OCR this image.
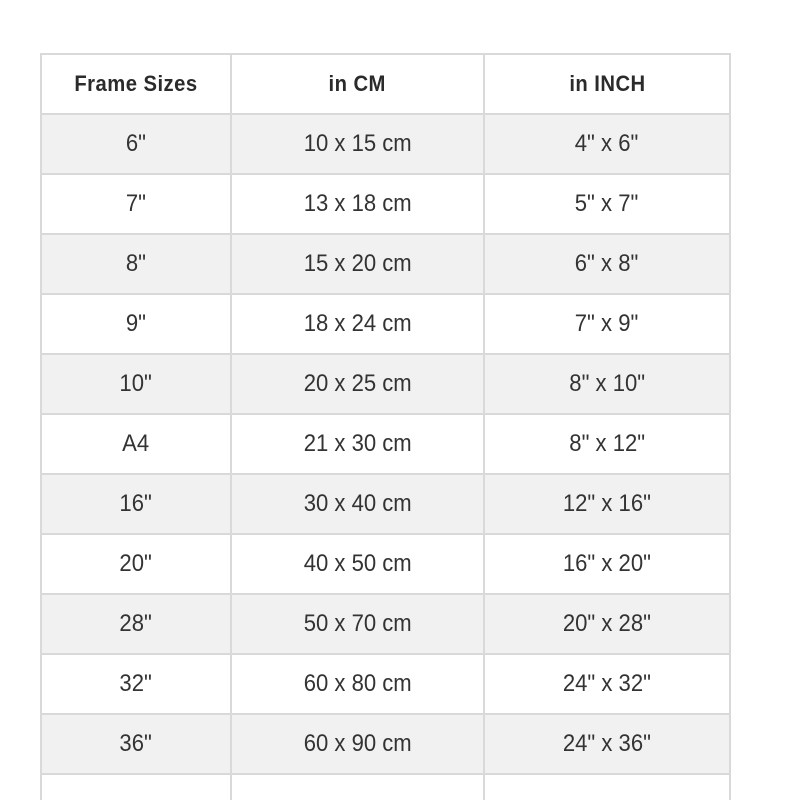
Frame Sizes	in CM	in INCH
6"	10 x 15 cm	4" x 6"
7"	13 x 18 cm	5" x 7"
8"	15 x 20 cm	6" x 8"
9"	18 x 24 cm	7" x 9"
10"	20 x 25 cm	8" x 10"
A4	21 x 30 cm	8" x 12"
16"	30 x 40 cm	12" x 16"
20"	40 x 50 cm	16" x 20"
28"	50 x 70 cm	20" x 28"
32"	60 x 80 cm	24" x 32"
36"	60 x 90 cm	24" x 36"
